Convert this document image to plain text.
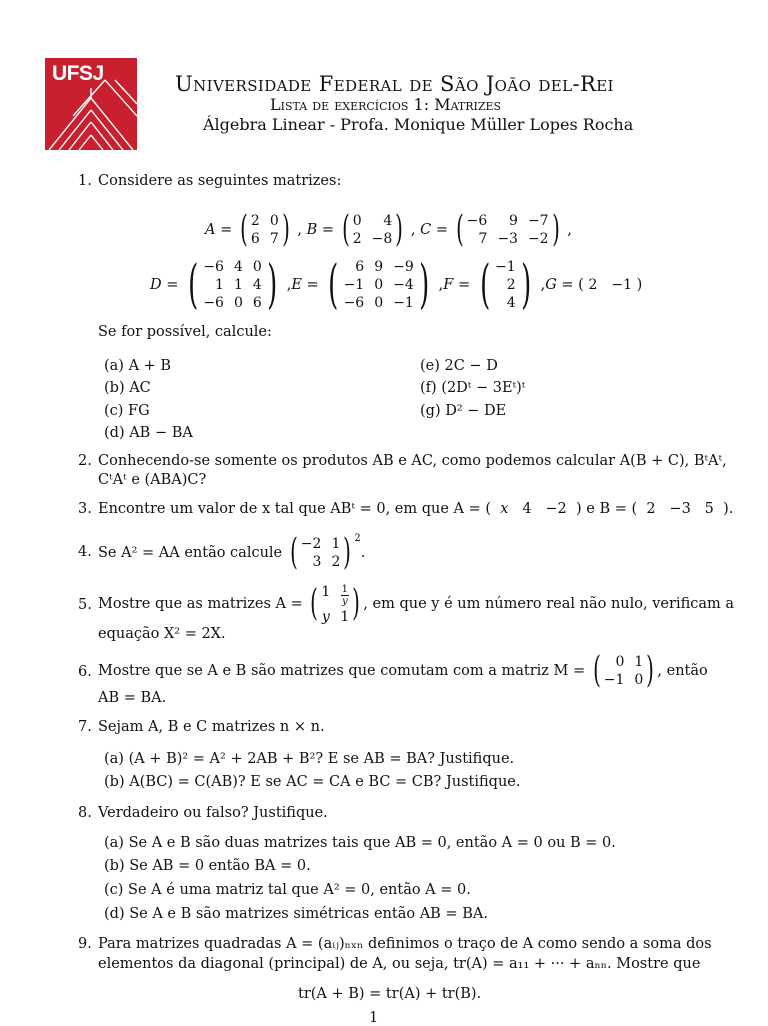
UFSJ	Universidade Federal de São João del-Rei
Lista de exercícios 1: Matrizes
Álgebra Linear - Profa. Monique Müller Lopes Rocha
1. Considere as seguintes matrizes:
A = ( 2 0
6 7 ) , B = ( 0	4
2 −8 ) , C = ( −6	9 −7
7 −3 −2 ) ,
D = ( −6 4 0
1 1 4
−6 0 6 ) , E = (	6 9 −9
−1 0 −4
−6 0 −1 ) , F = ( −1
2
4 ) , G = ( 2 −1 )
Se for possível, calcule:
(a) A + B
(b) AC
(c) FG
(d) AB − BA
(e) 2C − D
(f) (2Dᵗ − 3Eᵗ)ᵗ
(g) D² − DE
2. Conhecendo-se somente os produtos AB e AC, como podemos calcular A(B + C), BᵗAᵗ,
CᵗAᵗ e (ABA)C?
3. Encontre um valor de x tal que ABᵗ = 0, em que A = (  x 4 −2  ) e B = (  2 −3 5  ).
4. Se A² = AA então calcule
( −2 1
3 2 ) $^2$
.
5. Mostre que as matrizes A =
( $1 \frac{1}{y}$
y 1 ) , em que y é um número real não nulo, verificam a
equação X² = 2X.
6. Mostre que se A e B são matrizes que comutam com a matriz M =
(	0 1
−1 0 ) , então
AB = BA.
7. Sejam A, B e C matrizes n × n.
(a) (A + B)² = A² + 2AB + B²? E se AB = BA? Justifique.
(b) A(BC) = C(AB)? E se AC = CA e BC = CB? Justifique.
8. Verdadeiro ou falso? Justifique.
(a) Se A e B são duas matrizes tais que AB = 0, então A = 0 ou B = 0.
(b) Se AB = 0 então BA = 0.
(c) Se A é uma matriz tal que A² = 0, então A = 0.
(d) Se A e B são matrizes simétricas então AB = BA.
9. Para matrizes quadradas A = (aᵢⱼ)ₙₓₙ definimos o traço de A como sendo a soma dos
elementos da diagonal (principal) de A, ou seja, tr(A) = a₁₁ + ··· + aₙₙ. Mostre que
tr(A + B) = tr(A) + tr(B).
1
